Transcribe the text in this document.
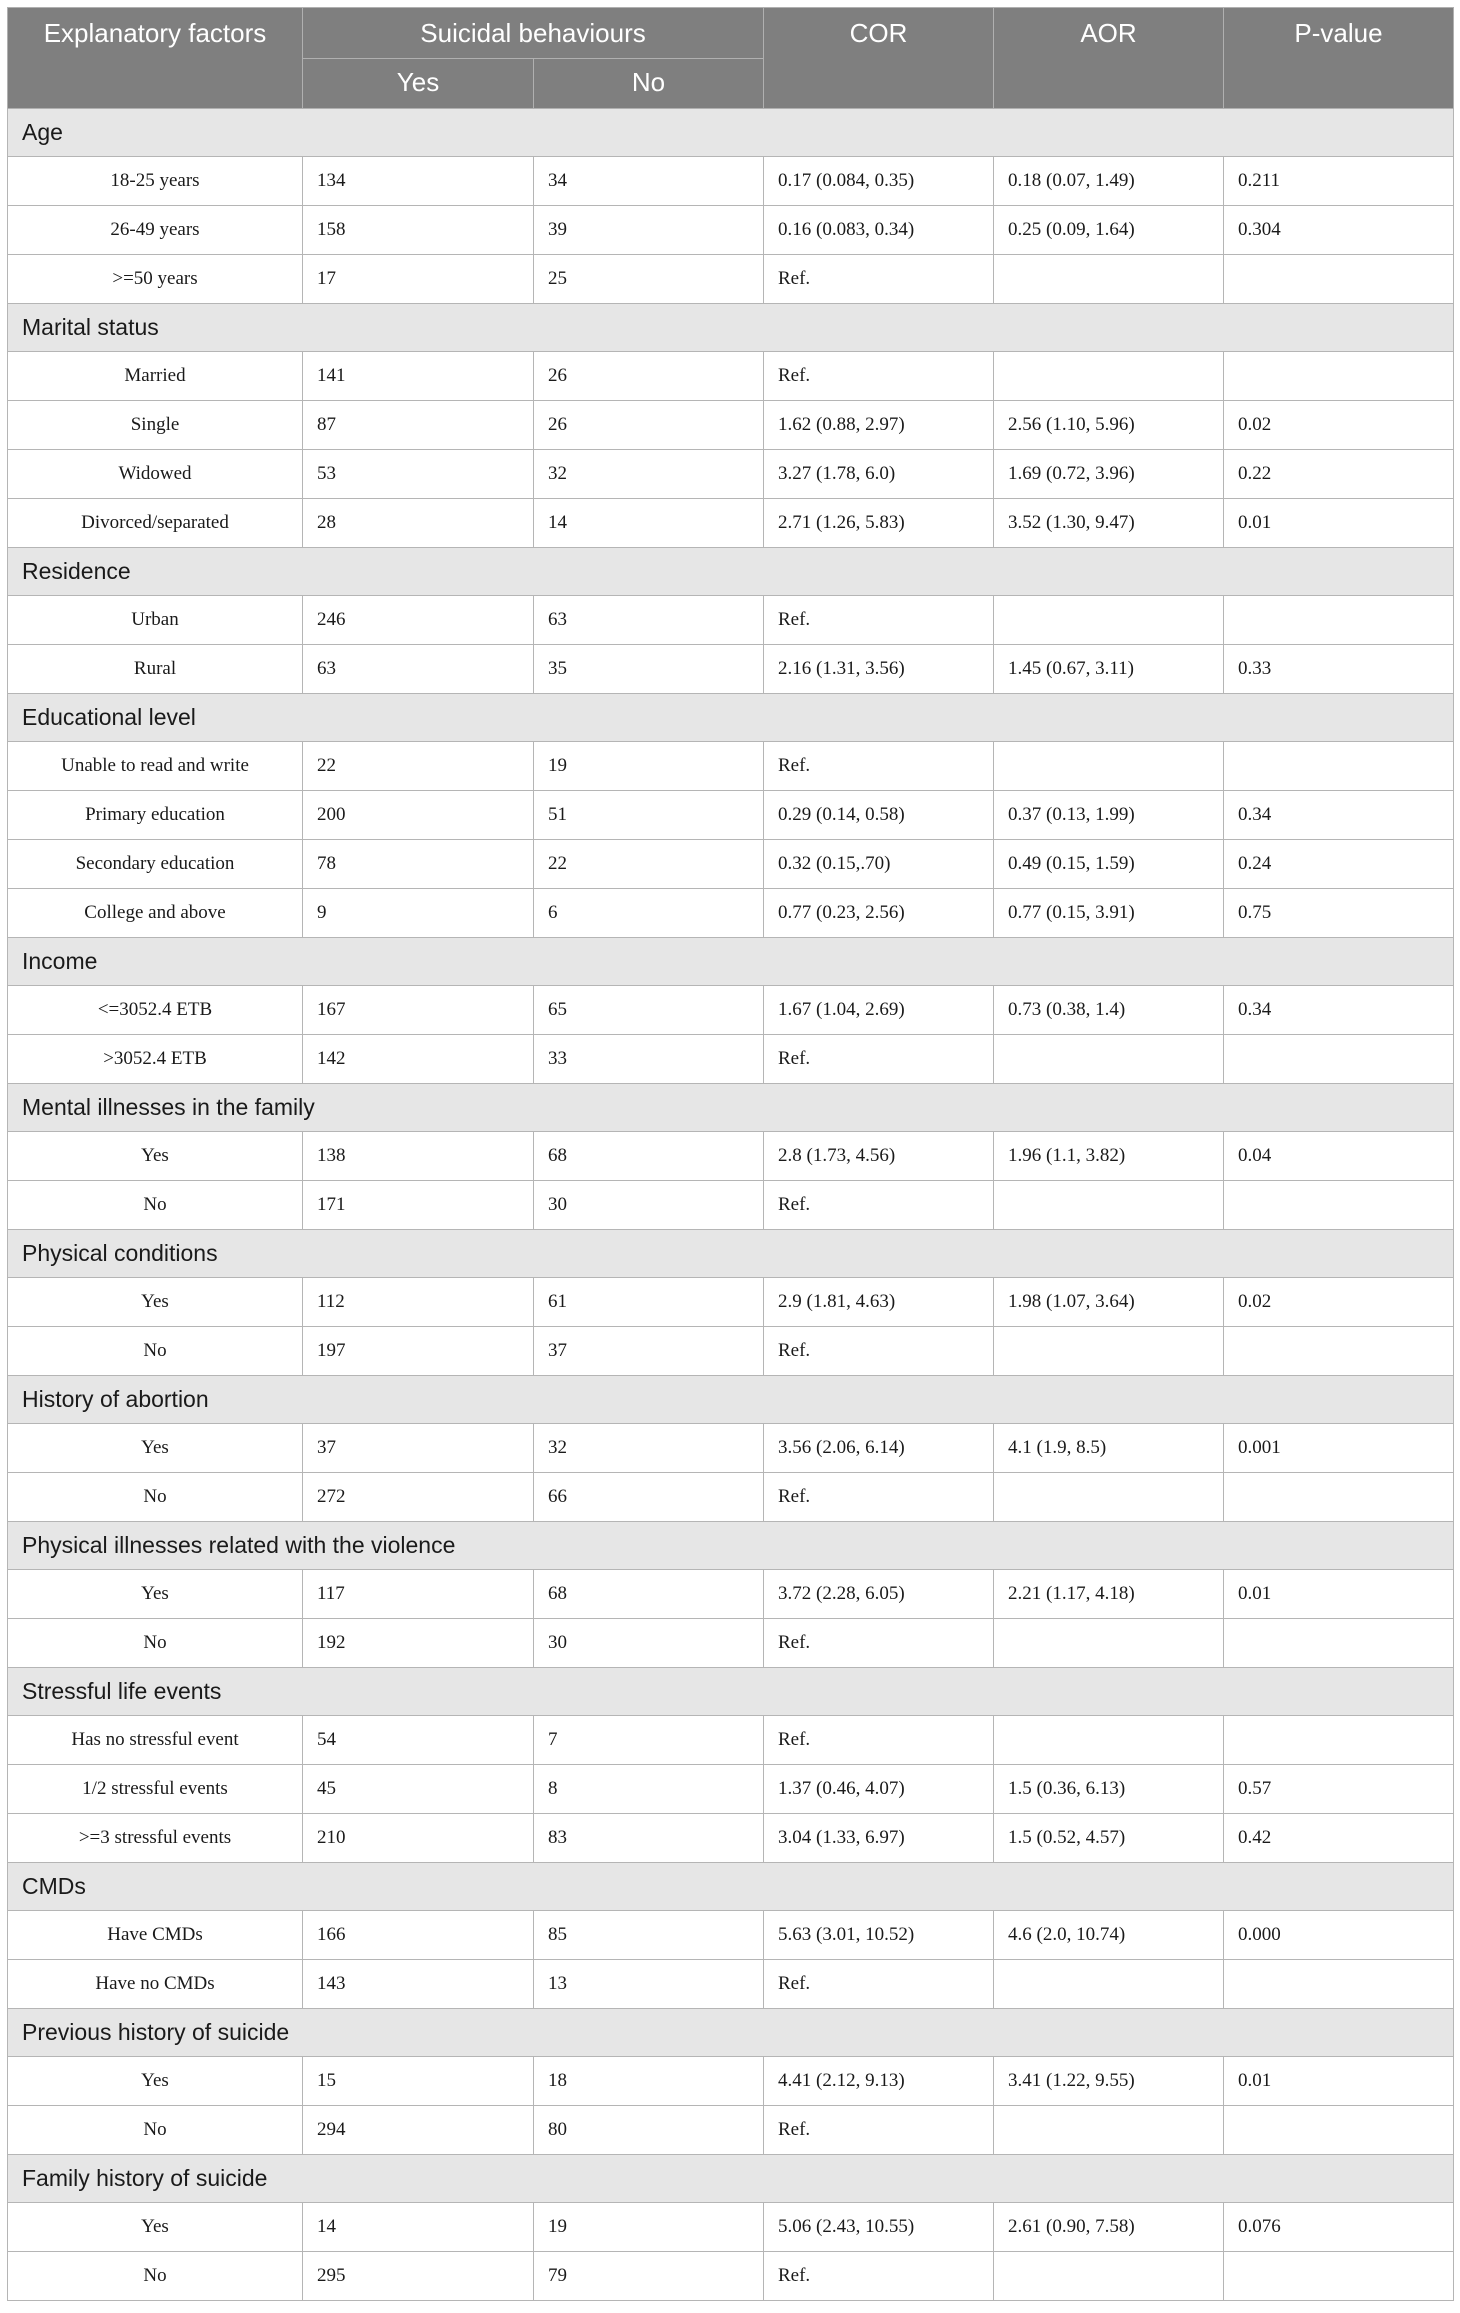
Explanatory factors	Suicidal behaviours		COR	AOR	P-value
	Yes	No			
Age					
18-25 years	134	34	0.17 (0.084, 0.35)	0.18 (0.07, 1.49)	0.211
26-49 years	158	39	0.16 (0.083, 0.34)	0.25 (0.09, 1.64)	0.304
>=50 years	17	25	Ref.		
Marital status					
Married	141	26	Ref.		
Single	87	26	1.62 (0.88, 2.97)	2.56 (1.10, 5.96)	0.02
Widowed	53	32	3.27 (1.78, 6.0)	1.69 (0.72, 3.96)	0.22
Divorced/separated	28	14	2.71 (1.26, 5.83)	3.52 (1.30, 9.47)	0.01
Residence					
Urban	246	63	Ref.		
Rural	63	35	2.16 (1.31, 3.56)	1.45 (0.67, 3.11)	0.33
Educational level					
Unable to read and write	22	19	Ref.		
Primary education	200	51	0.29 (0.14, 0.58)	0.37 (0.13, 1.99)	0.34
Secondary education	78	22	0.32 (0.15,.70)	0.49 (0.15, 1.59)	0.24
College and above	9	6	0.77 (0.23, 2.56)	0.77 (0.15, 3.91)	0.75
Income					
<=3052.4 ETB	167	65	1.67 (1.04, 2.69)	0.73 (0.38, 1.4)	0.34
>3052.4 ETB	142	33	Ref.		
Mental illnesses in the family					
Yes	138	68	2.8 (1.73, 4.56)	1.96 (1.1, 3.82)	0.04
No	171	30	Ref.		
Physical conditions					
Yes	112	61	2.9 (1.81, 4.63)	1.98 (1.07, 3.64)	0.02
No	197	37	Ref.		
History of abortion					
Yes	37	32	3.56 (2.06, 6.14)	4.1 (1.9, 8.5)	0.001
No	272	66	Ref.		
Physical illnesses related with the violence					
Yes	117	68	3.72 (2.28, 6.05)	2.21 (1.17, 4.18)	0.01
No	192	30	Ref.		
Stressful life events					
Has no stressful event	54	7	Ref.		
1/2 stressful events	45	8	1.37 (0.46, 4.07)	1.5 (0.36, 6.13)	0.57
>=3 stressful events	210	83	3.04 (1.33, 6.97)	1.5 (0.52, 4.57)	0.42
CMDs					
Have CMDs	166	85	5.63 (3.01, 10.52)	4.6 (2.0, 10.74)	0.000
Have no CMDs	143	13	Ref.		
Previous history of suicide					
Yes	15	18	4.41 (2.12, 9.13)	3.41 (1.22, 9.55)	0.01
No	294	80	Ref.		
Family history of suicide					
Yes	14	19	5.06 (2.43, 10.55)	2.61 (0.90, 7.58)	0.076
No	295	79	Ref.		
